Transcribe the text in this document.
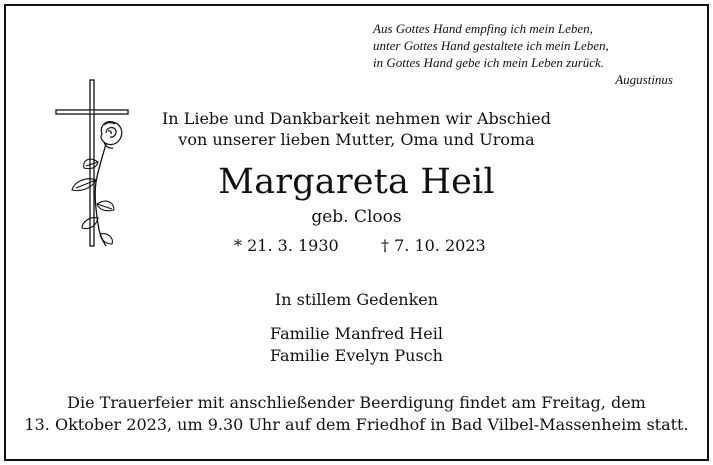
Aus Gottes Hand empfing ich mein Leben,
unter Gottes Hand gestaltete ich mein Leben,
in Gottes Hand gebe ich mein Leben zurück.
Augustinus
In Liebe und Dankbarkeit nehmen wir Abschied
von unserer lieben Mutter, Oma und Uroma
Margareta Heil
geb. Cloos
* 21. 3. 1930	† 7. 10. 2023
In stillem Gedenken
Familie Manfred Heil
Familie Evelyn Pusch
Die Trauerfeier mit anschließender Beerdigung findet am Freitag, dem
13. Oktober 2023, um 9.30 Uhr auf dem Friedhof in Bad Vilbel-Massenheim statt.
